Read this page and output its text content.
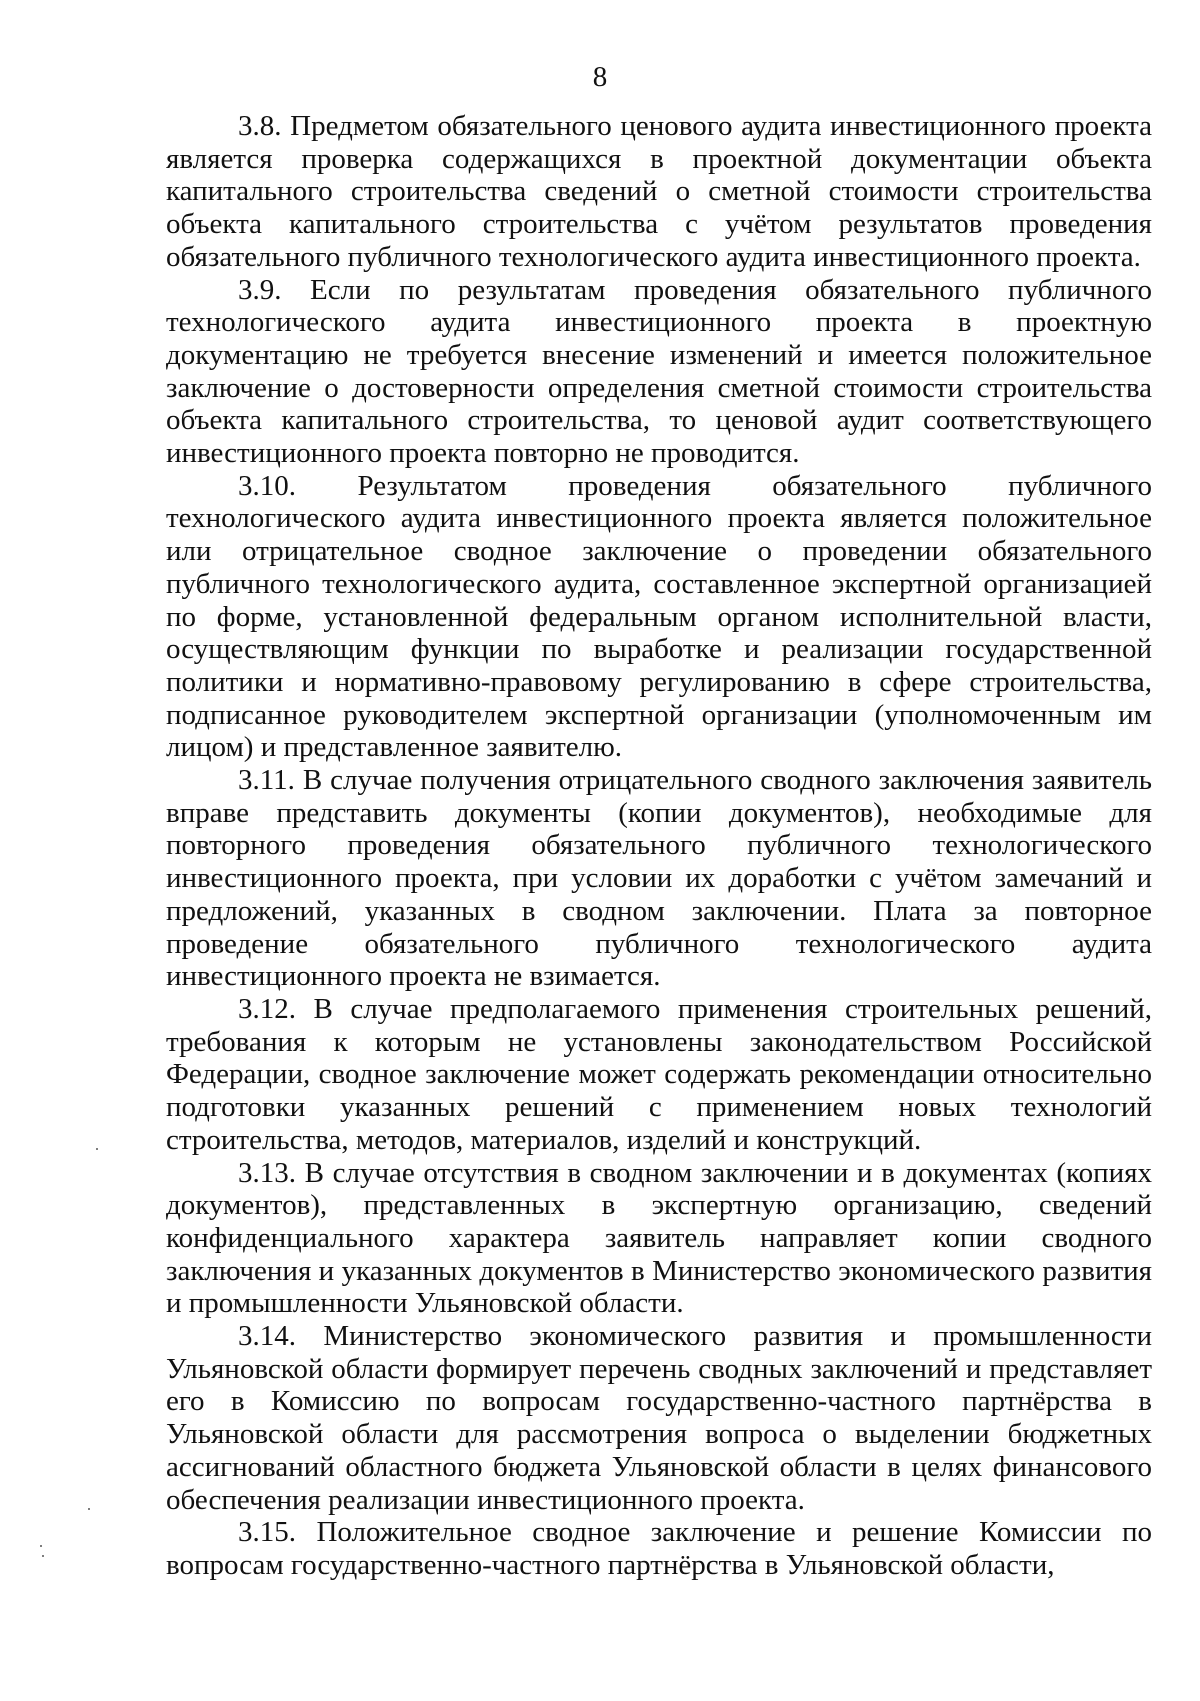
8

3.8. Предметом обязательного ценового аудита инвестиционного проекта является проверка содержащихся в проектной документации объекта капитального строительства сведений о сметной стоимости строительства объекта капитального строительства с учётом результатов проведения обязательного публичного технологического аудита инвестиционного проекта.

3.9. Если по результатам проведения обязательного публичного технологического аудита инвестиционного проекта в проектную документацию не требуется внесение изменений и имеется положительное заключение о достоверности определения сметной стоимости строительства объекта капитального строительства, то ценовой аудит соответствующего инвестиционного проекта повторно не проводится.

3.10. Результатом проведения обязательного публичного технологического аудита инвестиционного проекта является положительное или отрицательное сводное заключение о проведении обязательного публичного технологического аудита, составленное экспертной организацией по форме, установленной федеральным органом исполнительной власти, осуществляющим функции по выработке и реализации государственной политики и нормативно-правовому регулированию в сфере строительства, подписанное руководителем экспертной организации (уполномоченным им лицом) и представленное заявителю.

3.11. В случае получения отрицательного сводного заключения заявитель вправе представить документы (копии документов), необходимые для повторного проведения обязательного публичного технологического инвестиционного проекта, при условии их доработки с учётом замечаний и предложений, указанных в сводном заключении. Плата за повторное проведение обязательного публичного технологического аудита инвестиционного проекта не взимается.

3.12. В случае предполагаемого применения строительных решений, требования к которым не установлены законодательством Российской Федерации, сводное заключение может содержать рекомендации относительно подготовки указанных решений с применением новых технологий строительства, методов, материалов, изделий и конструкций.

3.13. В случае отсутствия в сводном заключении и в документах (копиях документов), представленных в экспертную организацию, сведений конфиденциального характера заявитель направляет копии сводного заключения и указанных документов в Министерство экономического развития и промышленности Ульяновской области.

3.14. Министерство экономического развития и промышленности Ульяновской области формирует перечень сводных заключений и представляет его в Комиссию по вопросам государственно-частного партнёрства в Ульяновской области для рассмотрения вопроса о выделении бюджетных ассигнований областного бюджета Ульяновской области в целях финансового обеспечения реализации инвестиционного проекта.

3.15. Положительное сводное заключение и решение Комиссии по вопросам государственно-частного партнёрства в Ульяновской области,
